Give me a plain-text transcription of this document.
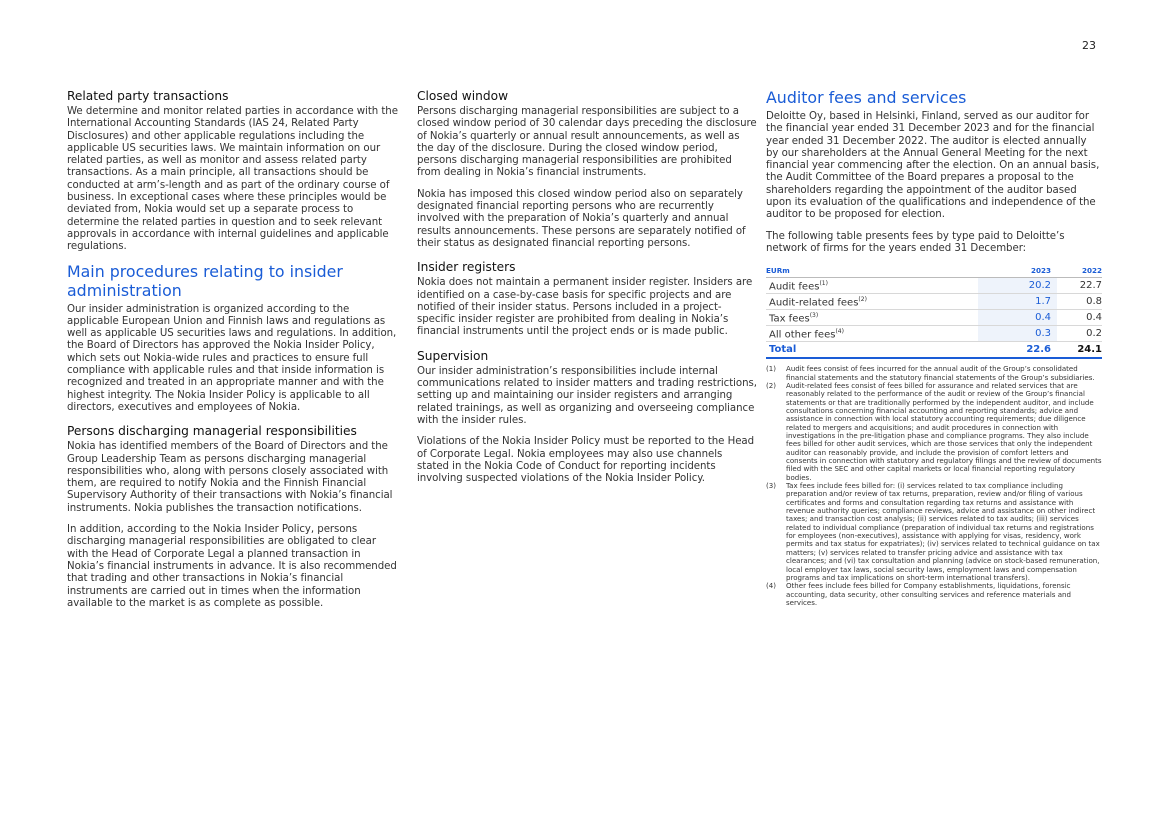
23
Related party transactions

We determine and monitor related parties in accordance with the International Accounting Standards (IAS 24, Related Party Disclosures) and other applicable regulations including the applicable US securities laws. We maintain information on our related parties, as well as monitor and assess related party transactions. As a main principle, all transactions should be conducted at arm’s-length and as part of the ordinary course of business. In exceptional cases where these principles would be deviated from, Nokia would set up a separate process to determine the related parties in question and to seek relevant approvals in accordance with internal guidelines and applicable regulations.

Main procedures relating to insider administration

Our insider administration is organized according to the applicable European Union and Finnish laws and regulations as well as applicable US securities laws and regulations. In addition, the Board of Directors has approved the Nokia Insider Policy, which sets out Nokia-wide rules and practices to ensure full compliance with applicable rules and that inside information is recognized and treated in an appropriate manner and with the highest integrity. The Nokia Insider Policy is applicable to all directors, executives and employees of Nokia.

Persons discharging managerial responsibilities

Nokia has identified members of the Board of Directors and the Group Leadership Team as persons discharging managerial responsibilities who, along with persons closely associated with them, are required to notify Nokia and the Finnish Financial Supervisory Authority of their transactions with Nokia’s financial instruments. Nokia publishes the transaction notifications.

In addition, according to the Nokia Insider Policy, persons discharging managerial responsibilities are obligated to clear with the Head of Corporate Legal a planned transaction in Nokia’s financial instruments in advance. It is also recommended that trading and other transactions in Nokia’s financial instruments are carried out in times when the information available to the market is as complete as possible.

Closed window

Persons discharging managerial responsibilities are subject to a closed window period of 30 calendar days preceding the disclosure of Nokia’s quarterly or annual result announcements, as well as the day of the disclosure. During the closed window period, persons discharging managerial responsibilities are prohibited from dealing in Nokia’s financial instruments.

Nokia has imposed this closed window period also on separately designated financial reporting persons who are recurrently involved with the preparation of Nokia’s quarterly and annual results announcements. These persons are separately notified of their status as designated financial reporting persons.

Insider registers

Nokia does not maintain a permanent insider register. Insiders are identified on a case-by-case basis for specific projects and are notified of their insider status. Persons included in a project-specific insider register are prohibited from dealing in Nokia’s financial instruments until the project ends or is made public.

Supervision

Our insider administration’s responsibilities include internal communications related to insider matters and trading restrictions, setting up and maintaining our insider registers and arranging related trainings, as well as organizing and overseeing compliance with the insider rules.

Violations of the Nokia Insider Policy must be reported to the Head of Corporate Legal. Nokia employees may also use channels stated in the Nokia Code of Conduct for reporting incidents involving suspected violations of the Nokia Insider Policy.

Auditor fees and services

Deloitte Oy, based in Helsinki, Finland, served as our auditor for the financial year ended 31 December 2023 and for the financial year ended 31 December 2022. The auditor is elected annually by our shareholders at the Annual General Meeting for the next financial year commencing after the election. On an annual basis, the Audit Committee of the Board prepares a proposal to the shareholders regarding the appointment of the auditor based upon its evaluation of the qualifications and independence of the auditor to be proposed for election.

The following table presents fees by type paid to Deloitte’s network of firms for the years ended 31 December:

EURm	2023	2022
Audit fees$^{(1)}$	20.2	22.7
Audit-related fees$^{(2)}$	1.7	0.8
Tax fees$^{(3)}$	0.4	0.4
All other fees$^{(4)}$	0.3	0.2
Total	22.6	24.1
(1)	Audit fees consist of fees incurred for the annual audit of the Group’s consolidated financial statements and the statutory financial statements of the Group’s subsidiaries.
(2)	Audit-related fees consist of fees billed for assurance and related services that are reasonably related to the performance of the audit or review of the Group’s financial statements or that are traditionally performed by the independent auditor, and include consultations concerning financial accounting and reporting standards; advice and assistance in connection with local statutory accounting requirements; due diligence related to mergers and acquisitions; and audit procedures in connection with investigations in the pre-litigation phase and compliance programs. They also include fees billed for other audit services, which are those services that only the independent auditor can reasonably provide, and include the provision of comfort letters and consents in connection with statutory and regulatory filings and the review of documents filed with the SEC and other capital markets or local financial reporting regulatory bodies.
(3)	Tax fees include fees billed for: (i) services related to tax compliance including preparation and/or review of tax returns, preparation, review and/or filing of various certificates and forms and consultation regarding tax returns and assistance with revenue authority queries; compliance reviews, advice and assistance on other indirect taxes; and transaction cost analysis; (ii) services related to tax audits; (iii) services related to individual compliance (preparation of individual tax returns and registrations for employees (non-executives), assistance with applying for visas, residency, work permits and tax status for expatriates); (iv) services related to technical guidance on tax matters; (v) services related to transfer pricing advice and assistance with tax clearances; and (vi) tax consultation and planning (advice on stock-based remuneration, local employer tax laws, social security laws, employment laws and compensation programs and tax implications on short-term international transfers).
(4)	Other fees include fees billed for Company establishments, liquidations, forensic accounting, data security, other consulting services and reference materials and services.
